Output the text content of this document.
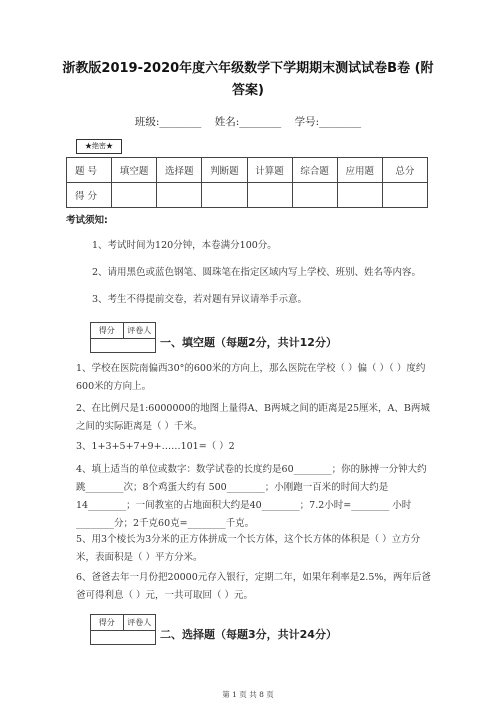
浙教版2019-2020年度六年级数学下学期期末测试试卷B卷 (附答案)
班级:________ 姓名:________ 学号:________
★绝密★
题 号	填空题	选择题	判断题	计算题	综合题	应用题	总分
得 分							
考试须知:
1、考试时间为120分钟，本卷满分100分。
2、请用黑色或蓝色钢笔、圆珠笔在指定区域内写上学校、班别、姓名等内容。
3、考生不得提前交卷，若对题有异议请举手示意。
得分	评卷人
一、填空题（每题2分，共计12分）
1、学校在医院南偏西30°的600米的方向上，那么医院在学校（ ）偏（ ）（ ）度约600米的方向上。
2、在比例尺是1:6000000的地图上量得A、B两城之间的距离是25厘米，A、B两城之间的实际距离是（ ）千米。
3、1+3+5+7+9+……101=（ ）2
4、填上适当的单位或数字：数学试卷的长度约是60________；你的脉搏一分钟大约跳________次；8个鸡蛋大约有 500________；小刚跑一百米的时间大约是14________；一间教室的占地面积大约是40________；7.2小时=________ 小时________分；2千克60克=________千克。
5、用3个棱长为3分米的正方体拼成一个长方体，这个长方体的体积是（ ）立方分米，表面积是（ ）平方分米。
6、爸爸去年一月份把20000元存入银行，定期二年，如果年利率是2.5%，两年后爸爸可得利息（ ）元，一共可取回（ ）元。
得分	评卷人
二、选择题（每题3分，共计24分）
第 1 页 共 8 页
